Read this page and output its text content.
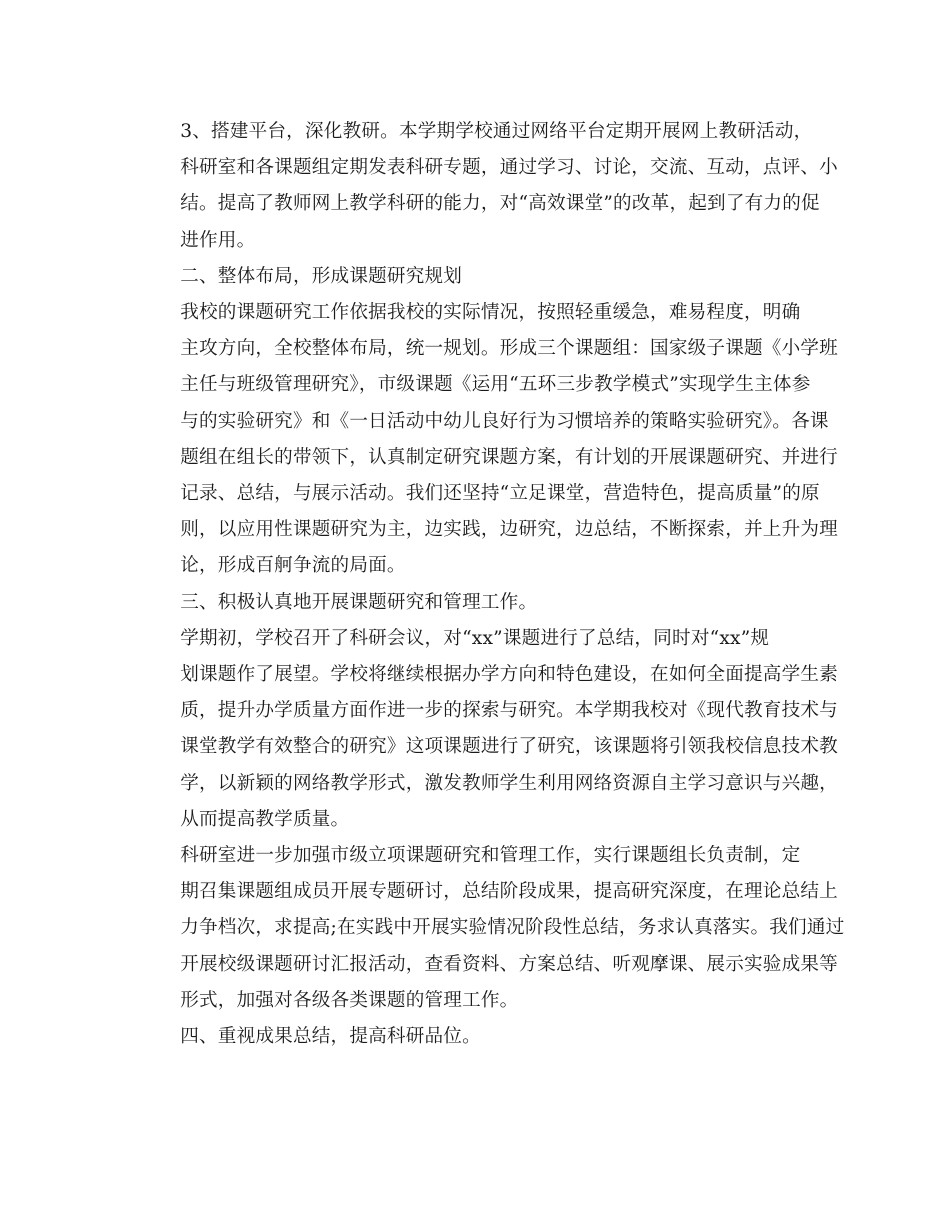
3、搭建平台，深化教研。本学期学校通过网络平台定期开展网上教研活动，
科研室和各课题组定期发表科研专题，通过学习、讨论，交流、互动，点评、小
结。提高了教师网上教学科研的能力，对“高效课堂”的改革，起到了有力的促
进作用。

二、整体布局，形成课题研究规划

我校的课题研究工作依据我校的实际情况，按照轻重缓急，难易程度，明确
主攻方向，全校整体布局，统一规划。形成三个课题组：国家级子课题《小学班
主任与班级管理研究》，市级课题《运用“五环三步教学模式”实现学生主体参
与的实验研究》和《一日活动中幼儿良好行为习惯培养的策略实验研究》。各课
题组在组长的带领下，认真制定研究课题方案，有计划的开展课题研究、并进行
记录、总结，与展示活动。我们还坚持“立足课堂，营造特色，提高质量”的原
则，以应用性课题研究为主，边实践，边研究，边总结，不断探索，并上升为理
论，形成百舸争流的局面。

三、积极认真地开展课题研究和管理工作。

学期初，学校召开了科研会议，对“xx”课题进行了总结，同时对“xx”规
划课题作了展望。学校将继续根据办学方向和特色建设，在如何全面提高学生素
质，提升办学质量方面作进一步的探索与研究。本学期我校对《现代教育技术与
课堂教学有效整合的研究》这项课题进行了研究，该课题将引领我校信息技术教
学，以新颖的网络教学形式，激发教师学生利用网络资源自主学习意识与兴趣，
从而提高教学质量。

科研室进一步加强市级立项课题研究和管理工作，实行课题组长负责制，定
期召集课题组成员开展专题研讨，总结阶段成果，提高研究深度，在理论总结上
力争档次，求提高;在实践中开展实验情况阶段性总结，务求认真落实。我们通过
开展校级课题研讨汇报活动，查看资料、方案总结、听观摩课、展示实验成果等
形式，加强对各级各类课题的管理工作。

四、重视成果总结，提高科研品位。
